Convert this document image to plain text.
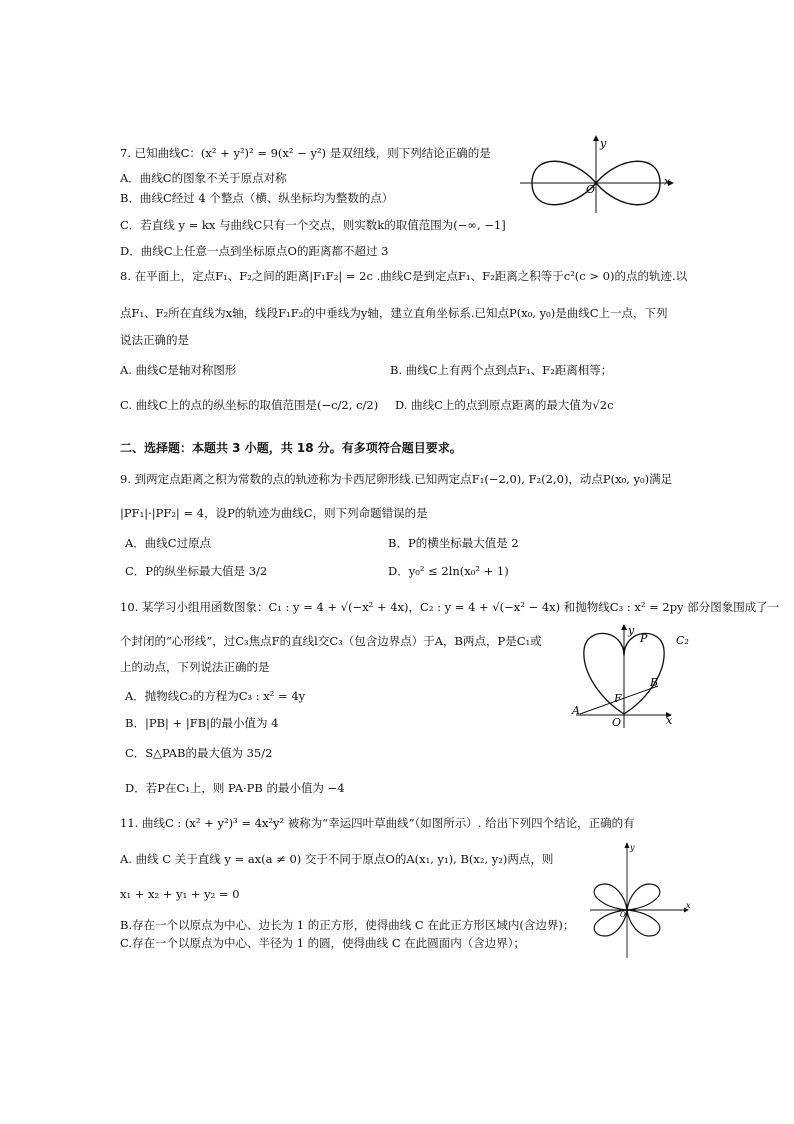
7. 已知曲线C：(x² + y²)² = 9(x² − y²) 是双纽线，则下列结论正确的是
A．曲线C的图象不关于原点对称
B．曲线C经过 4 个整点（横、纵坐标均为整数的点）
C．若直线 y = kx 与曲线C只有一个交点，则实数k的取值范围为(−∞, −1]
D．曲线C上任意一点到坐标原点O的距离都不超过 3
y
x
O
8. 在平面上，定点F₁、F₂之间的距离|F₁F₂| = 2c .曲线C是到定点F₁、F₂距离之积等于c²(c > 0)的点的轨迹.以
点F₁、F₂所在直线为x轴，线段F₁F₂的中垂线为y轴，建立直角坐标系.已知点P(x₀, y₀)是曲线C上一点，下列
说法正确的是
A. 曲线C是轴对称图形	B. 曲线C上有两个点到点F₁、F₂距离相等；
C. 曲线C上的点的纵坐标的取值范围是(−c/2, c/2) D. 曲线C上的点到原点距离的最大值为√2c
二、选择题：本题共 3 小题，共 18 分。有多项符合题目要求。
9. 到两定点距离之积为常数的点的轨迹称为卡西尼卵形线.已知两定点F₁(−2,0), F₂(2,0)，动点P(x₀, y₀)满足
|PF₁|·|PF₂| = 4，设P的轨迹为曲线C，则下列命题错误的是
A．曲线C过原点	B．P的横坐标最大值是 2
C．P的纵坐标最大值是 3/2	D．y₀² ≤ 2ln(x₀² + 1)
10. 某学习小组用函数图象：C₁ : y = 4 + √(−x² + 4x)，C₂ : y = 4 + √(−x² − 4x) 和抛物线C₃ : x² = 2py 部分图象围成了一
个封闭的“心形线”，过C₃焦点F的直线l交C₃（包含边界点）于A，B两点，P是C₁或
上的动点，下列说法正确的是
A．抛物线C₃的方程为C₃ : x² = 4y
B．|PB| + |FB|的最小值为 4
C．S△PAB的最大值为 35/2
D．若P在C₁上，则 PA·PB 的最小值为 −4
y
P	C₂
B
F
A
O	x
11. 曲线C : (x² + y²)³ = 4x²y² 被称为“幸运四叶草曲线”（如图所示）. 给出下列四个结论，正确的有
A. 曲线 C 关于直线 y = ax(a ≠ 0) 交于不同于原点O的A(x₁, y₁), B(x₂, y₂)两点，则
x₁ + x₂ + y₁ + y₂ = 0
B.存在一个以原点为中心、边长为 1 的正方形，使得曲线 C 在此正方形区域内(含边界)；
C.存在一个以原点为中心、半径为 1 的圆，使得曲线 C 在此圆面内（含边界）；
y
x
O
